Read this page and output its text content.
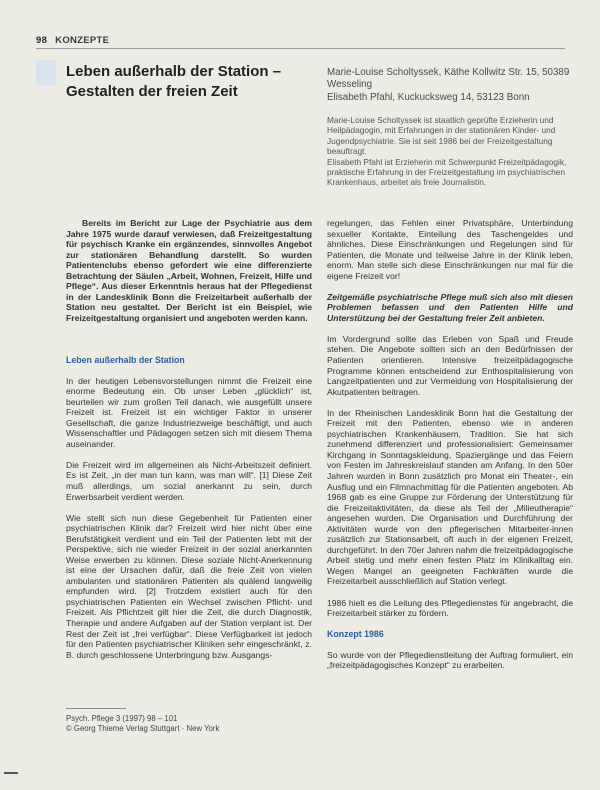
98 KONZEPTE
Leben außerhalb der Station – Gestalten der freien Zeit
Marie-Louise Scholtyssek, Käthe Kollwitz Str. 15, 50389 Wesseling
Elisabeth Pfahl, Kuckucksweg 14, 53123 Bonn
Marie-Louise Scholtyssek ist staatlich geprüfte Erzieherin und Heilpädagogin, mit Erfahrungen in der stationären Kinder- und Jugendpsychiatrie. Sie ist seit 1986 bei der Freizeitgestaltung beauftragt.
Elisabeth Pfahl ist Erzieherin mit Schwerpunkt Freizeitpädagogik, praktische Erfahrung in der Freizeitgestaltung im psychiatrischen Krankenhaus, arbeitet als freie Journalistin.

Bereits im Bericht zur Lage der Psychiatrie aus dem Jahre 1975 wurde darauf verwiesen, daß Freizeitgestaltung für psychisch Kranke ein ergänzendes, sinnvolles Angebot zur stationären Behandlung darstellt. So wurden Patientenclubs ebenso gefordert wie eine differenzierte Betrachtung der Säulen „Arbeit, Wohnen, Freizeit, Hilfe und Pflege“. Aus dieser Erkenntnis heraus hat der Pflegedienst in der Landesklinik Bonn die Freizeitarbeit außerhalb der Station neu gestaltet. Der Bericht ist ein Beispiel, wie Freizeitgestaltung organisiert und angeboten werden kann.

Leben außerhalb der Station

In der heutigen Lebensvorstellungen nimmt die Freizeit eine enorme Bedeutung ein. Ob unser Leben „glücklich“ ist, beurteilen wir zum großen Teil danach, wie ausgefüllt unsere Freizeit ist. Freizeit ist ein wichtiger Faktor in unserer Gesellschaft, die ganze Industriezweige beschäftigt, und auch Wissenschaftler und Pädagogen setzen sich mit diesem Thema auseinander.

Die Freizeit wird im allgemeinen als Nicht-Arbeitszeit definiert. Es ist Zeit, „in der man tun kann, was man will“. [1] Diese Zeit muß allerdings, um sozial anerkannt zu sein, durch Erwerbsarbeit verdient werden.

Wie stellt sich nun diese Gegebenheit für Patienten einer psychiatrischen Klinik dar? Freizeit wird hier nicht über eine Berufstätigkeit verdient und ein Teil der Patienten lebt mit der Perspektive, sich nie wieder Freizeit in der sozial anerkannten Weise erwerben zu können. Diese soziale Nicht-Anerkennung ist eine der Ursachen dafür, daß die freie Zeit von vielen ambulanten und stationären Patienten als quälend langweilig empfunden wird. [2] Trotzdem existiert auch für den psychiatrischen Patienten ein Wechsel zwischen Pflicht- und Freizeit. Als Pflichtzeit gilt hier die Zeit, die durch Diagnostik, Therapie und andere Aufgaben auf der Station verplant ist. Der Rest der Zeit ist „frei verfügbar“. Diese Verfügbarkeit ist jedoch für den Patienten psychiatrischer Kliniken sehr eingeschränkt, z. B. durch geschlossene Unterbringung bzw. Ausgangs-

regelungen, das Fehlen einer Privatsphäre, Unterbindung sexueller Kontakte, Einteilung des Taschengeldes und ähnliches. Diese Einschränkungen und Regelungen sind für Patienten, die Monate und teilweise Jahre in der Klinik leben, enorm. Man stelle sich diese Einschränkungen nur mal für die eigene Freizeit vor!

Zeitgemäße psychiatrische Pflege muß sich also mit diesen Problemen befassen und den Patienten Hilfe und Unterstützung bei der Gestaltung freier Zeit anbieten.

Im Vordergrund sollte das Erleben von Spaß und Freude stehen. Die Angebote sollten sich an den Bedürfnissen der Patienten orientieren. Intensive freizeitpädagogische Programme können entscheidend zur Enthospitalisierung von Langzeitpatienten und zur Vermeidung von Hospitalisierung der Akutpatienten beitragen.

In der Rheinischen Landesklinik Bonn hat die Gestaltung der Freizeit mit den Patienten, ebenso wie in anderen psychiatrischen Krankenhäusern, Tradition. Sie hat sich zunehmend differenziert und professionalisiert: Gemeinsamer Kirchgang in Sonntagskleidung, Spaziergänge und das Feiern von Festen im Jahreskreislauf standen am Anfang. In den 50er Jahren wurden in Bonn zusätzlich pro Monat ein Theater-, ein Ausflug und ein Filmnachmittag für die Patienten angeboten. Ab 1968 gab es eine Gruppe zur Förderung der Unterstützung für die Freizeitaktivitäten, da diese als Teil der „Milieutherapie“ angesehen wurden. Die Organisation und Durchführung der Aktivitäten wurde von den pflegerischen Mitarbeiter-innen zusätzlich zur Stationsarbeit, oft auch in der eigenen Freizeit, durchgeführt. In den 70er Jahren nahm die freizeitpädagogische Arbeit stetig und mehr einen festen Platz im Klinikalltag ein. Wegen Mangel an geeigneten Fachkräften wurde die Freizeitarbeit ausschließlich auf Station verlegt.

1986 hielt es die Leitung des Pflegedienstes für angebracht, die Freizeitarbeit stärker zu fördern.

Konzept 1986

So wurde von der Pflegedienstleitung der Auftrag formuliert, ein „freizeitpädagogisches Konzept“ zu erarbeiten.

Psych. Pflege 3 (1997) 98 – 101
© Georg Thieme Verlag Stuttgart · New York
